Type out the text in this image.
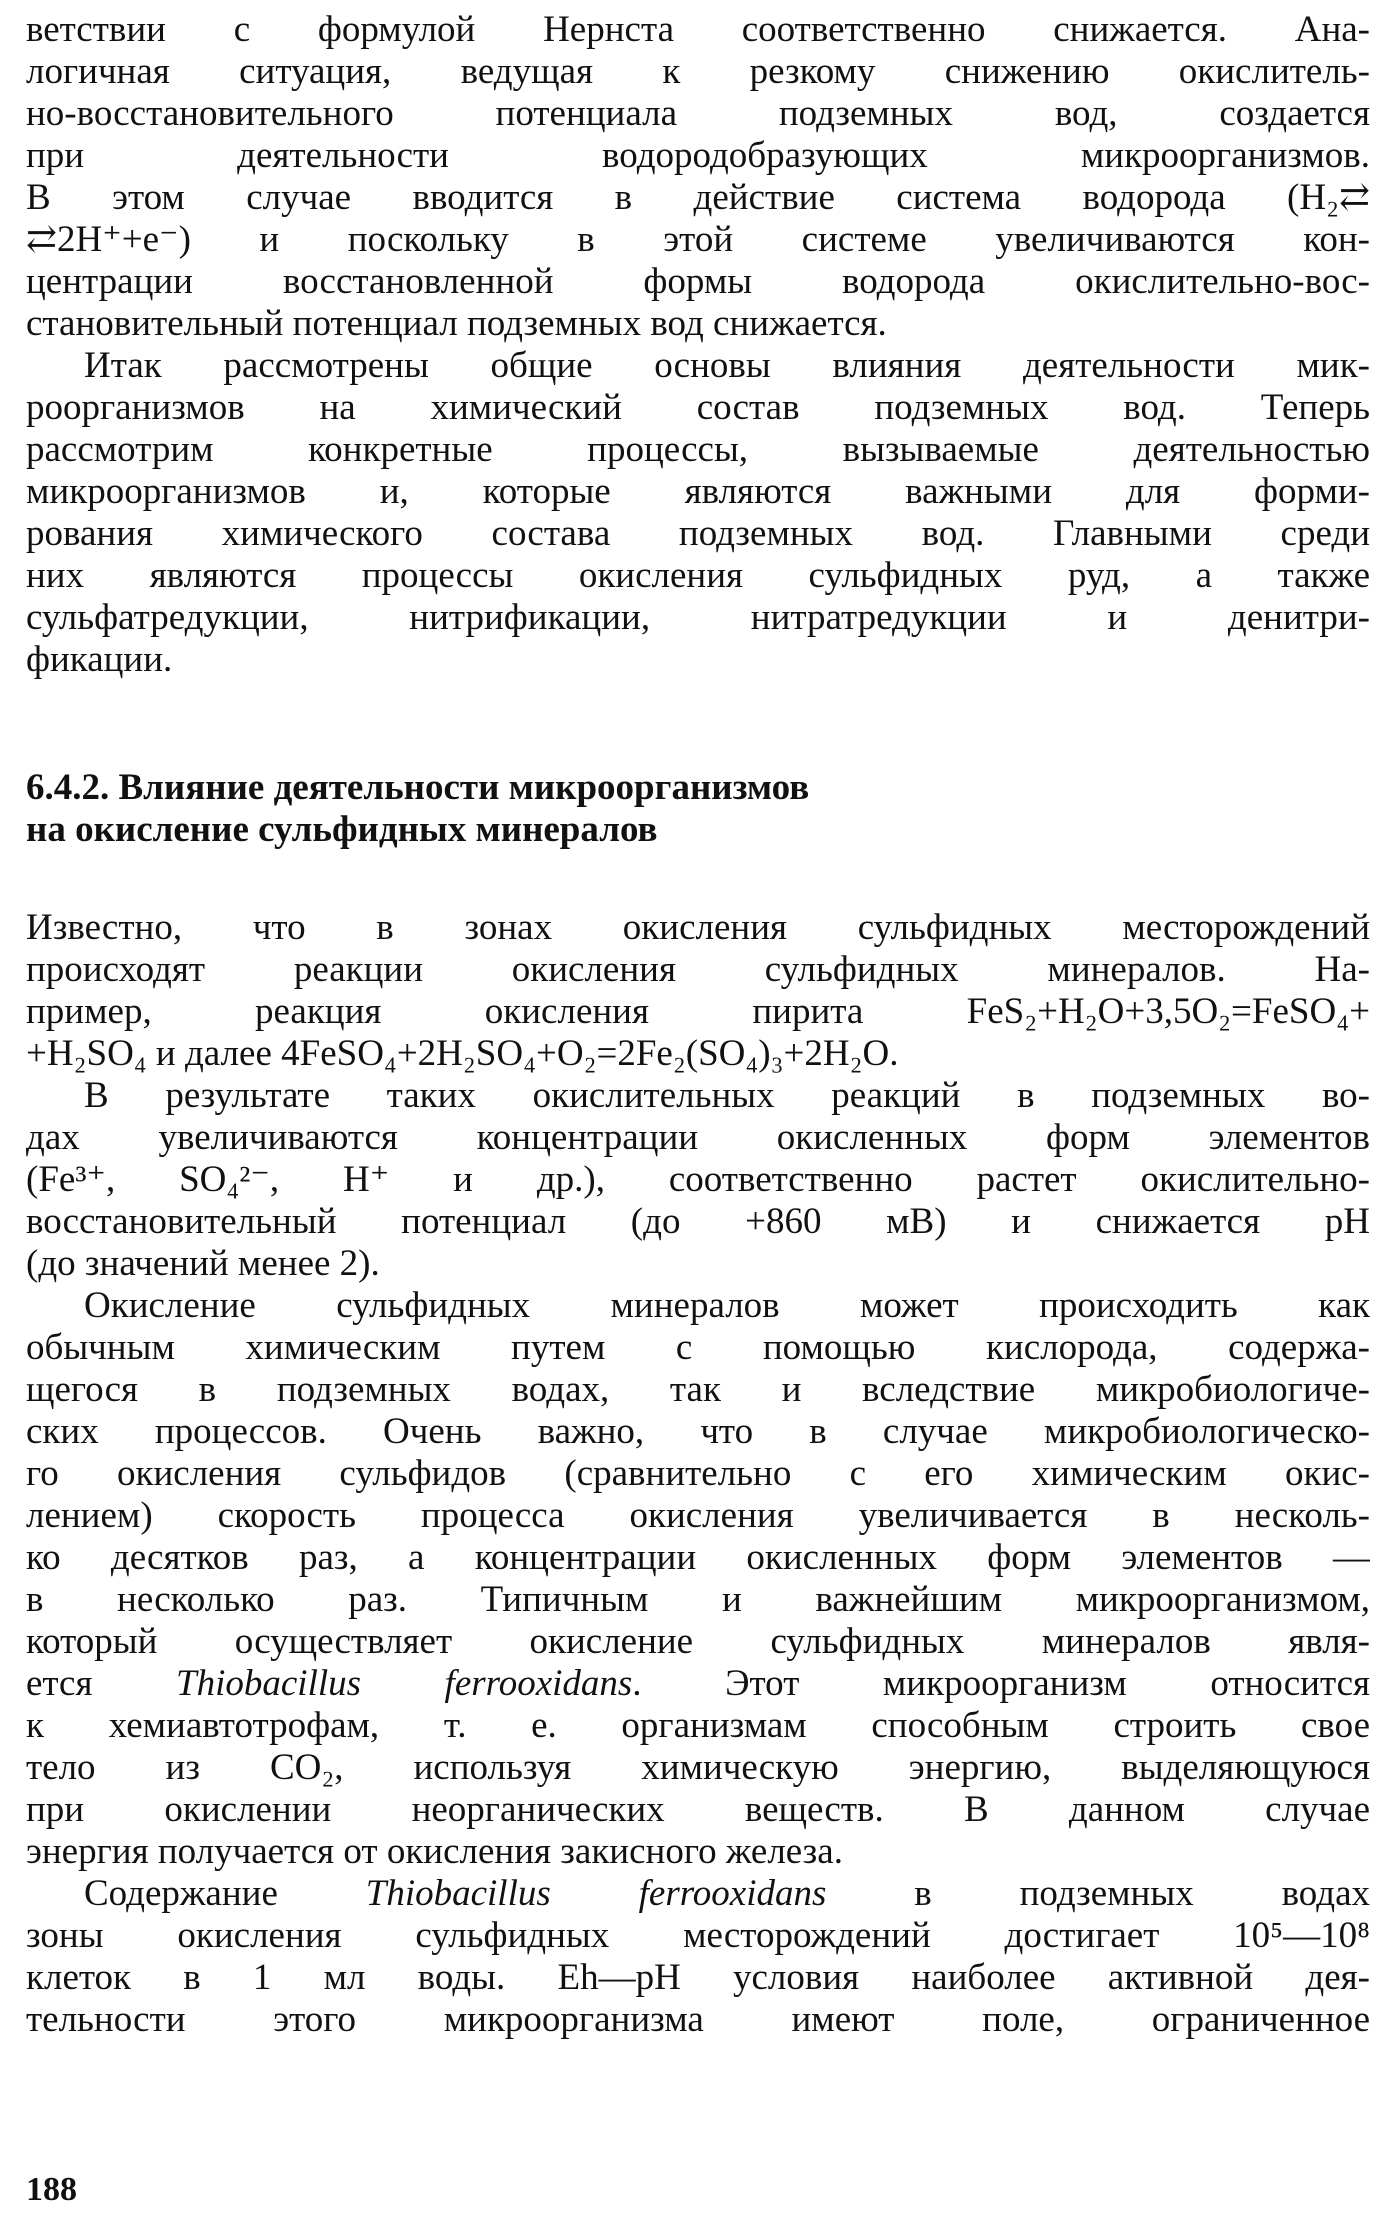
ветствии с формулой Нернста соответственно снижается. Ана-
логичная ситуация, ведущая к резкому снижению окислитель-
но-восстановительного потенциала подземных вод, создается
при деятельности водородобразующих микроорганизмов.
В этом случае вводится в действие система водорода (H₂⇄
⇄2H⁺+e⁻) и поскольку в этой системе увеличиваются кон-
центрации восстановленной формы водорода окислительно-вос-
становительный потенциал подземных вод снижается.
Итак рассмотрены общие основы влияния деятельности мик-
роорганизмов на химический состав подземных вод. Теперь
рассмотрим конкретные процессы, вызываемые деятельностью
микроорганизмов и, которые являются важными для форми-
рования химического состава подземных вод. Главными среди
них являются процессы окисления сульфидных руд, а также
сульфатредукции, нитрификации, нитратредукции и денитри-
фикации.
6.4.2. Влияние деятельности микроорганизмов
на окисление сульфидных минералов
Известно, что в зонах окисления сульфидных месторождений
происходят реакции окисления сульфидных минералов. На-
пример, реакция окисления пирита FeS₂+H₂O+3,5O₂=FeSO₄+
+H₂SO₄ и далее 4FeSO₄+2H₂SO₄+O₂=2Fe₂(SO₄)₃+2H₂O.
В результате таких окислительных реакций в подземных во-
дах увеличиваются концентрации окисленных форм элементов
(Fe³⁺, SO₄²⁻, H⁺ и др.), соответственно растет окислительно-
восстановительный потенциал (до +860 мВ) и снижается pH
(до значений менее 2).
Окисление сульфидных минералов может происходить как
обычным химическим путем с помощью кислорода, содержа-
щегося в подземных водах, так и вследствие микробиологиче-
ских процессов. Очень важно, что в случае микробиологическо-
го окисления сульфидов (сравнительно с его химическим окис-
лением) скорость процесса окисления увеличивается в несколь-
ко десятков раз, а концентрации окисленных форм элементов —
в несколько раз. Типичным и важнейшим микроорганизмом,
который осуществляет окисление сульфидных минералов явля-
ется Thiobacillus ferrooxidans. Этот микроорганизм относится
к хемиавтотрофам, т. е. организмам способным строить свое
тело из CO₂, используя химическую энергию, выделяющуюся
при окислении неорганических веществ. В данном случае
энергия получается от окисления закисного железа.
Содержание Thiobacillus ferrooxidans в подземных водах
зоны окисления сульфидных месторождений достигает 10⁵—10⁸
клеток в 1 мл воды. Eh—pH условия наиболее активной дея-
тельности этого микроорганизма имеют поле, ограниченное
188
